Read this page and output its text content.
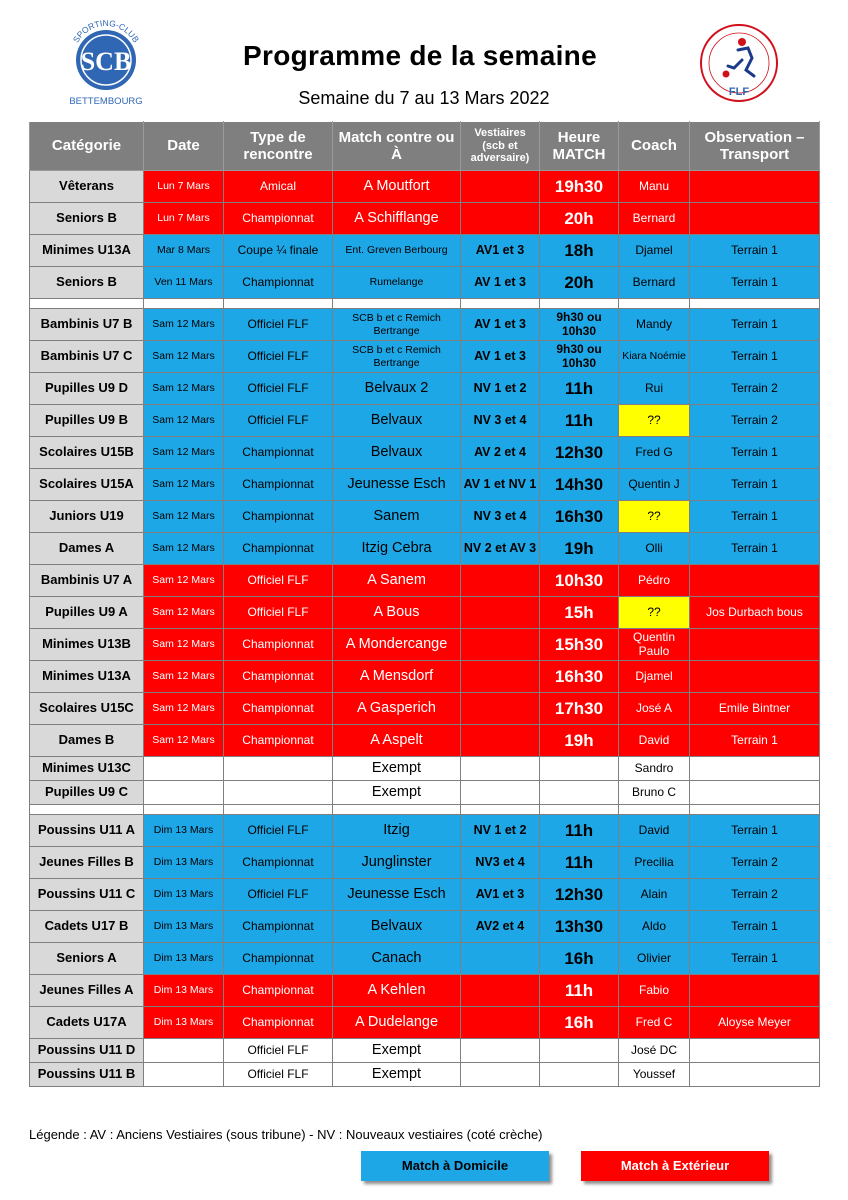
SCB
SPORTING-CLUB
BETTEMBOURG
Programme de la semaine
Semaine du 7 au 13 Mars 2022	FLF
Catégorie	Date	Type de rencontre	Match contre ou À	Vestiaires (scb et adversaire)	Heure MATCH	Coach	Observation – Transport
Vêterans	Lun 7 Mars	Amical	A Moutfort		19h30	Manu	
Seniors B	Lun 7 Mars	Championnat	A Schifflange		20h	Bernard	
Minimes U13A	Mar 8 Mars	Coupe ¼ finale	Ent. Greven Berbourg	AV1 et 3	18h	Djamel	Terrain 1
Seniors B	Ven 11 Mars	Championnat	Rumelange	AV 1 et 3	20h	Bernard	Terrain 1

Bambinis U7 B	Sam 12 Mars	Officiel FLF	SCB b et c Remich Bertrange	AV 1 et 3	9h30 ou 10h30	Mandy	Terrain 1
Bambinis U7 C	Sam 12 Mars	Officiel FLF	SCB b et c Remich Bertrange	AV 1 et 3	9h30 ou 10h30	Kiara Noémie	Terrain 1
Pupilles U9 D	Sam 12 Mars	Officiel FLF	Belvaux 2	NV 1 et 2	11h	Rui	Terrain 2
Pupilles U9 B	Sam 12 Mars	Officiel FLF	Belvaux	NV 3 et 4	11h	??	Terrain 2
Scolaires U15B	Sam 12 Mars	Championnat	Belvaux	AV 2 et 4	12h30	Fred G	Terrain 1
Scolaires U15A	Sam 12 Mars	Championnat	Jeunesse Esch	AV 1 et NV 1	14h30	Quentin J	Terrain 1
Juniors U19	Sam 12 Mars	Championnat	Sanem	NV 3 et 4	16h30	??	Terrain 1
Dames A	Sam 12 Mars	Championnat	Itzig Cebra	NV 2 et AV 3	19h	Olli	Terrain 1
Bambinis U7 A	Sam 12 Mars	Officiel FLF	A Sanem		10h30	Pédro	
Pupilles U9 A	Sam 12 Mars	Officiel FLF	A Bous		15h	??	Jos Durbach bous
Minimes U13B	Sam 12 Mars	Championnat	A Mondercange		15h30	Quentin Paulo	
Minimes U13A	Sam 12 Mars	Championnat	A Mensdorf		16h30	Djamel	
Scolaires U15C	Sam 12 Mars	Championnat	A Gasperich		17h30	José A	Emile Bintner
Dames B	Sam 12 Mars	Championnat	A Aspelt		19h	David	Terrain 1
Minimes U13C			Exempt			Sandro	
Pupilles U9 C			Exempt			Bruno C	

Poussins U11 A	Dim 13 Mars	Officiel FLF	Itzig	NV 1 et 2	11h	David	Terrain 1
Jeunes Filles B	Dim 13 Mars	Championnat	Junglinster	NV3 et 4	11h	Precilia	Terrain 2
Poussins U11 C	Dim 13 Mars	Officiel FLF	Jeunesse Esch	AV1 et 3	12h30	Alain	Terrain 2
Cadets U17 B	Dim 13 Mars	Championnat	Belvaux	AV2 et 4	13h30	Aldo	Terrain 1
Seniors A	Dim 13 Mars	Championnat	Canach		16h	Olivier	Terrain 1
Jeunes Filles A	Dim 13 Mars	Championnat	A Kehlen		11h	Fabio	
Cadets U17A	Dim 13 Mars	Championnat	A Dudelange		16h	Fred C	Aloyse Meyer
Poussins U11 D		Officiel FLF	Exempt			José DC	
Poussins U11 B		Officiel FLF	Exempt			Youssef	
Légende : AV : Anciens Vestiaires (sous tribune) - NV : Nouveaux vestiaires (coté crèche)
Match à Domicile	Match à Extérieur
